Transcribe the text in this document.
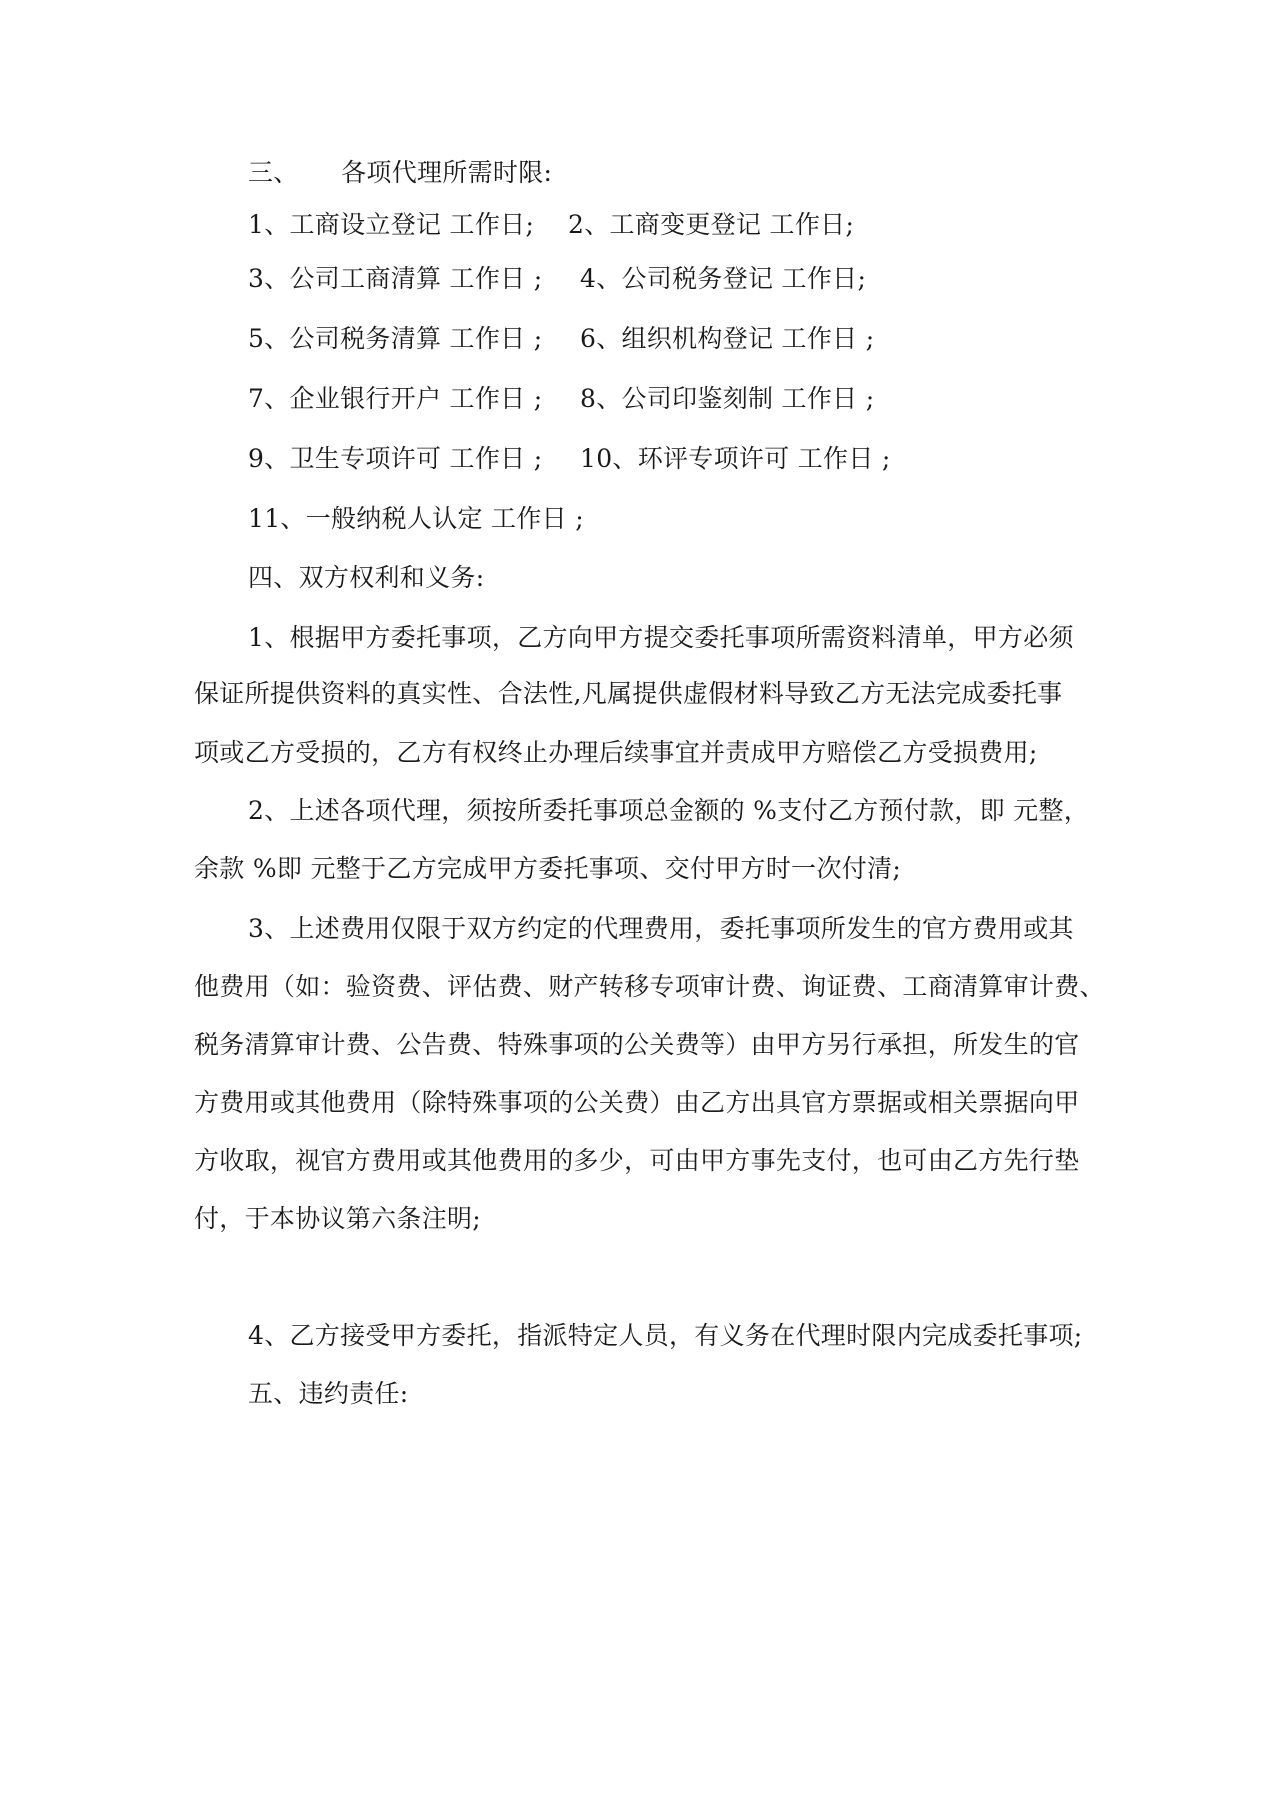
三、 各项代理所需时限:
1、工商设立登记 工作日; 2、工商变更登记 工作日;
3、公司工商清算 工作日 ; 4、公司税务登记 工作日;
5、公司税务清算 工作日 ; 6、组织机构登记 工作日 ;
7、企业银行开户 工作日 ; 8、公司印鉴刻制 工作日 ;
9、卫生专项许可 工作日 ; 10、环评专项许可 工作日 ;
11、一般纳税人认定 工作日 ;
四、双方权利和义务:
1、根据甲方委托事项，乙方向甲方提交委托事项所需资料清单，甲方必须
保证所提供资料的真实性、合法性,凡属提供虚假材料导致乙方无法完成委托事
项或乙方受损的，乙方有权终止办理后续事宜并责成甲方赔偿乙方受损费用;
2、上述各项代理，须按所委托事项总金额的 %支付乙方预付款，即 元整，
余款 %即 元整于乙方完成甲方委托事项、交付甲方时一次付清;
3、上述费用仅限于双方约定的代理费用，委托事项所发生的官方费用或其
他费用（如：验资费、评估费、财产转移专项审计费、询证费、工商清算审计费、
税务清算审计费、公告费、特殊事项的公关费等）由甲方另行承担，所发生的官
方费用或其他费用（除特殊事项的公关费）由乙方出具官方票据或相关票据向甲
方收取，视官方费用或其他费用的多少，可由甲方事先支付，也可由乙方先行垫
付，于本协议第六条注明;
4、乙方接受甲方委托，指派特定人员，有义务在代理时限内完成委托事项;
五、违约责任:
